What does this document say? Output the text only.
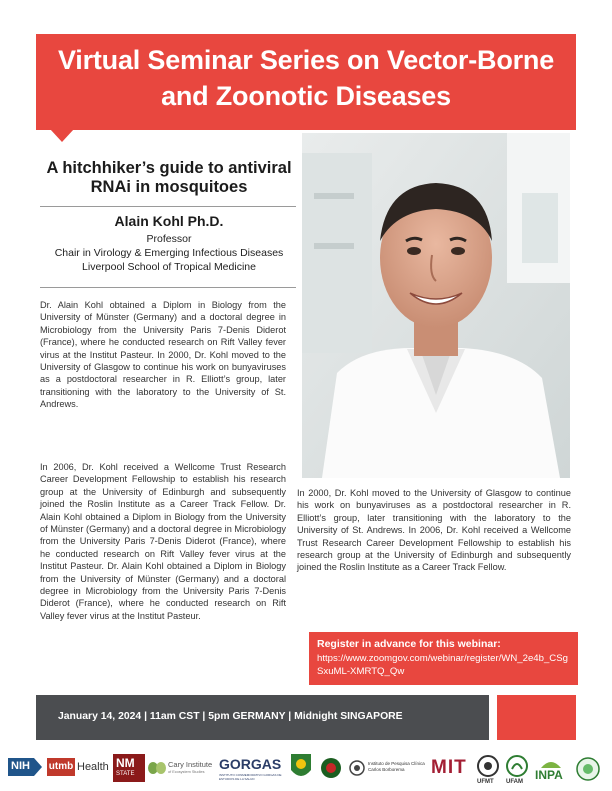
Virtual Seminar Series on Vector-Borne and Zoonotic Diseases
A hitchhiker’s guide to antiviral RNAi in mosquitoes
Alain Kohl Ph.D.
Professor
Chair in Virology & Emerging Infectious Diseases
Liverpool School of Tropical Medicine

Dr. Alain Kohl obtained a Diplom in Biology from the University of Münster (Germany) and a doctoral degree in Microbiology from the University Paris 7-Denis Diderot (France), where he conducted research on Rift Valley fever virus at the Institut Pasteur. In 2000, Dr. Kohl moved to the University of Glasgow to continue his work on bunyaviruses as a postdoctoral researcher in R. Elliott’s group, later transitioning with the laboratory to the University of St. Andrews.

In 2006, Dr. Kohl received a Wellcome Trust Research Career Development Fellowship to establish his research group at the University of Edinburgh and subsequently joined the Roslin Institute as a Career Track Fellow. Dr. Alain Kohl obtained a Diplom in Biology from the University of Münster (Germany) and a doctoral degree in Microbiology from the University Paris 7-Denis Diderot (France), where he conducted research on Rift Valley fever virus at the Institut Pasteur. Dr. Alain Kohl obtained a Diplom in Biology from the University of Münster (Germany) and a doctoral degree in Microbiology from the University Paris 7-Denis Diderot (France), where he conducted research on Rift Valley fever virus at the Institut Pasteur.

In 2000, Dr. Kohl moved to the University of Glasgow to continue his work on bunyaviruses as a postdoctoral researcher in R. Elliott’s group, later transitioning with the laboratory to the University of St. Andrews. In 2006, Dr. Kohl received a Wellcome Trust Research Career Development Fellowship to establish his research group at the University of Edinburgh and subsequently joined the Roslin Institute as a Career Track Fellow.

Register in advance for this webinar:
https://www.zoomgov.com/webinar/register/WN_2e4b_CSgSxuML-XMRTQ_Qw
January 14, 2024 | 11am CST | 5pm GERMANY | Midnight SINGAPORE
NIH utmb Health NM
STATE
Cary Institute
of Ecosystem Studies GORGAS
INSTITUTO CONMEMORATIVO GORGAS DE ESTUDIOS DE LA SALUD
Instituto de Pesquisa Clínica Carlos Borborema	MIT
UFMT UFAM INPA
